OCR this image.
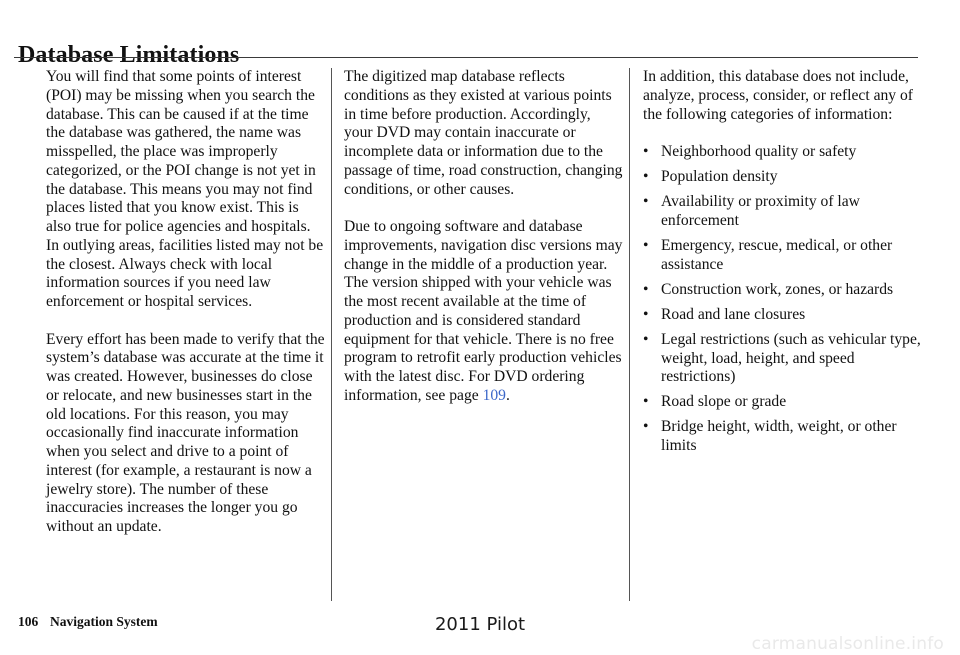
Database Limitations

You will find that some points of interest (POI) may be missing when you search the database. This can be caused if at the time the database was gathered, the name was misspelled, the place was improperly categorized, or the POI change is not yet in the database. This means you may not find places listed that you know exist. This is also true for police agencies and hospitals. In outlying areas, facilities listed may not be the closest. Always check with local information sources if you need law enforcement or hospital services.

Every effort has been made to verify that the system’s database was accurate at the time it was created. However, businesses do close or relocate, and new businesses start in the old locations. For this reason, you may occasionally find inaccurate information when you select and drive to a point of interest (for example, a restaurant is now a jewelry store). The number of these inaccuracies increases the longer you go without an update.

The digitized map database reflects conditions as they existed at various points in time before production. Accordingly, your DVD may contain inaccurate or incomplete data or information due to the passage of time, road construction, changing conditions, or other causes.

Due to ongoing software and database improvements, navigation disc versions may change in the middle of a production year. The version shipped with your vehicle was the most recent available at the time of production and is considered standard equipment for that vehicle. There is no free program to retrofit early production vehicles with the latest disc. For DVD ordering information, see page 109.

In addition, this database does not include, analyze, process, consider, or reflect any of the following categories of information:

• Neighborhood quality or safety
• Population density
• Availability or proximity of law enforcement
• Emergency, rescue, medical, or other assistance
• Construction work, zones, or hazards
• Road and lane closures
• Legal restrictions (such as vehicular type, weight, load, height, and speed restrictions)
• Road slope or grade
• Bridge height, width, weight, or other limits
106 Navigation System	2011 Pilot
carmanualsonline.info
